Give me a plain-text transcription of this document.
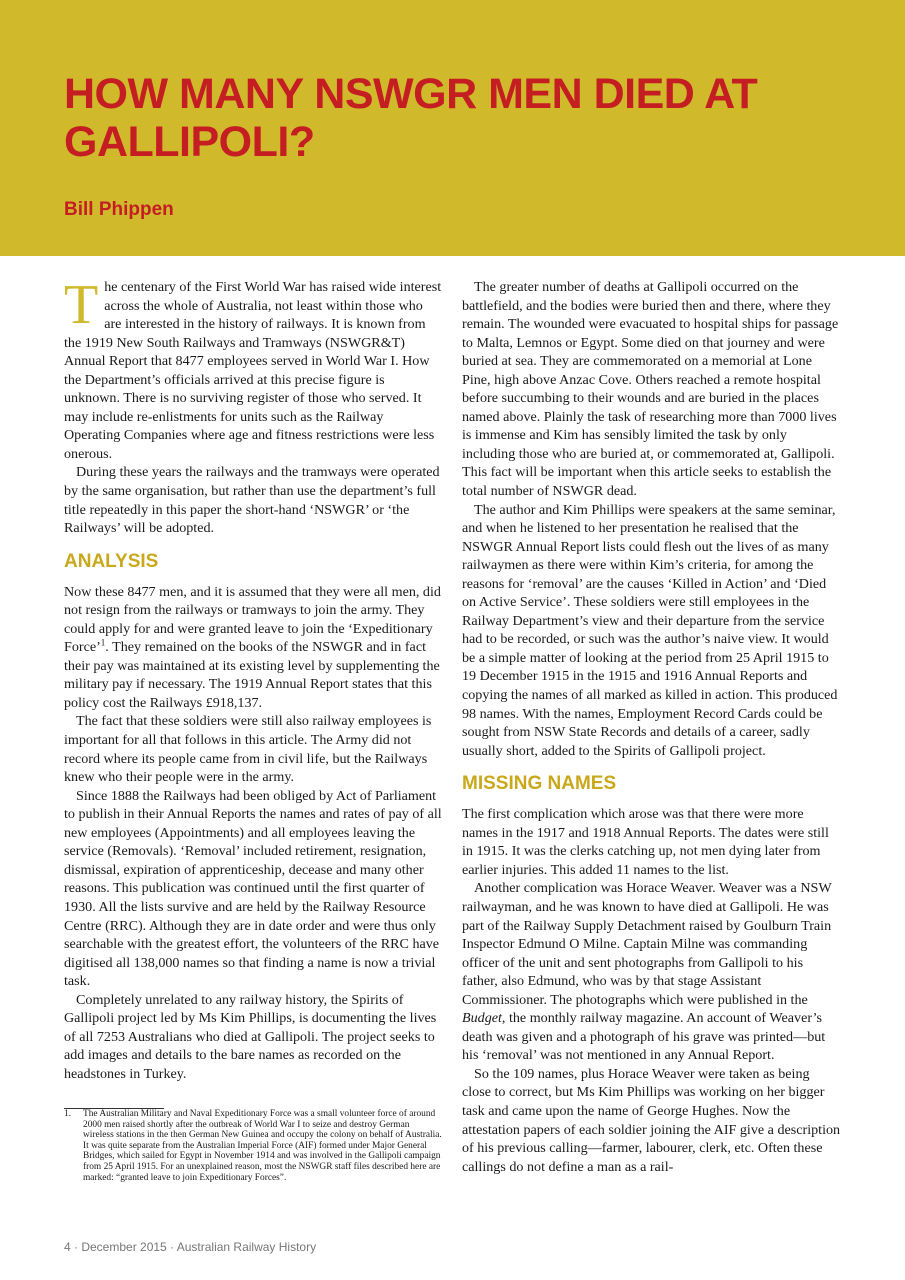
HOW MANY NSWGR MEN DIED AT GALLIPOLI?

Bill Phippen

The centenary of the First World War has raised wide interest across the whole of Australia, not least within those who are interested in the history of railways. It is known from the 1919 New South Railways and Tramways (NSWGR&T) Annual Report that 8477 employees served in World War I. How the Department’s officials arrived at this precise figure is unknown. There is no surviving register of those who served. It may include re-enlistments for units such as the Railway Operating Companies where age and fitness restrictions were less onerous.

During these years the railways and the tramways were operated by the same organisation, but rather than use the department’s full title repeatedly in this paper the short-hand ‘NSWGR’ or ‘the Railways’ will be adopted.

ANALYSIS

Now these 8477 men, and it is assumed that they were all men, did not resign from the railways or tramways to join the army. They could apply for and were granted leave to join the ‘Expeditionary Force’$^1$. They remained on the books of the NSWGR and in fact their pay was maintained at its existing level by supplementing the military pay if necessary. The 1919 Annual Report states that this policy cost the Railways £918,137.

The fact that these soldiers were still also railway employees is important for all that follows in this article. The Army did not record where its people came from in civil life, but the Railways knew who their people were in the army.

Since 1888 the Railways had been obliged by Act of Parliament to publish in their Annual Reports the names and rates of pay of all new employees (Appointments) and all employees leaving the service (Removals). ‘Removal’ included retirement, resignation, dismissal, expiration of apprenticeship, decease and many other reasons. This publication was continued until the first quarter of 1930. All the lists survive and are held by the Railway Resource Centre (RRC). Although they are in date order and were thus only searchable with the greatest effort, the volunteers of the RRC have digitised all 138,000 names so that finding a name is now a trivial task.

Completely unrelated to any railway history, the Spirits of Gallipoli project led by Ms Kim Phillips, is documenting the lives of all 7253 Australians who died at Gallipoli. The project seeks to add images and details to the bare names as recorded on the headstones in Turkey.

1. The Australian Military and Naval Expeditionary Force was a small volunteer force of around 2000 men raised shortly after the outbreak of World War I to seize and destroy German wireless stations in the then German New Guinea and occupy the colony on behalf of Australia. It was quite separate from the Australian Imperial Force (AIF) formed under Major General Bridges, which sailed for Egypt in November 1914 and was involved in the Gallipoli campaign from 25 April 1915. For an unexplained reason, most the NSWGR staff files described here are marked: “granted leave to join Expeditionary Forces”.

The greater number of deaths at Gallipoli occurred on the battlefield, and the bodies were buried then and there, where they remain. The wounded were evacuated to hospital ships for passage to Malta, Lemnos or Egypt. Some died on that journey and were buried at sea. They are commemorated on a memorial at Lone Pine, high above Anzac Cove. Others reached a remote hospital before succumbing to their wounds and are buried in the places named above. Plainly the task of researching more than 7000 lives is immense and Kim has sensibly limited the task by only including those who are buried at, or commemorated at, Gallipoli. This fact will be important when this article seeks to establish the total number of NSWGR dead.

The author and Kim Phillips were speakers at the same seminar, and when he listened to her presentation he realised that the NSWGR Annual Report lists could flesh out the lives of as many railwaymen as there were within Kim’s criteria, for among the reasons for ‘removal’ are the causes ‘Killed in Action’ and ‘Died on Active Service’. These soldiers were still employees in the Railway Department’s view and their departure from the service had to be recorded, or such was the author’s naive view. It would be a simple matter of looking at the period from 25 April 1915 to 19 December 1915 in the 1915 and 1916 Annual Reports and copying the names of all marked as killed in action. This produced 98 names. With the names, Employment Record Cards could be sought from NSW State Records and details of a career, sadly usually short, added to the Spirits of Gallipoli project.

MISSING NAMES

The first complication which arose was that there were more names in the 1917 and 1918 Annual Reports. The dates were still in 1915. It was the clerks catching up, not men dying later from earlier injuries. This added 11 names to the list.

Another complication was Horace Weaver. Weaver was a NSW railwayman, and he was known to have died at Gallipoli. He was part of the Railway Supply Detachment raised by Goulburn Train Inspector Edmund O Milne. Captain Milne was commanding officer of the unit and sent photographs from Gallipoli to his father, also Edmund, who was by that stage Assistant Commissioner. The photographs which were published in the Budget, the monthly railway magazine. An account of Weaver’s death was given and a photograph of his grave was printed—but his ‘removal’ was not mentioned in any Annual Report.

So the 109 names, plus Horace Weaver were taken as being close to correct, but Ms Kim Phillips was working on her bigger task and came upon the name of George Hughes. Now the attestation papers of each soldier joining the AIF give a description of his previous calling—farmer, labourer, clerk, etc. Often these callings do not define a man as a rail-

4 · December 2015 · Australian Railway History
